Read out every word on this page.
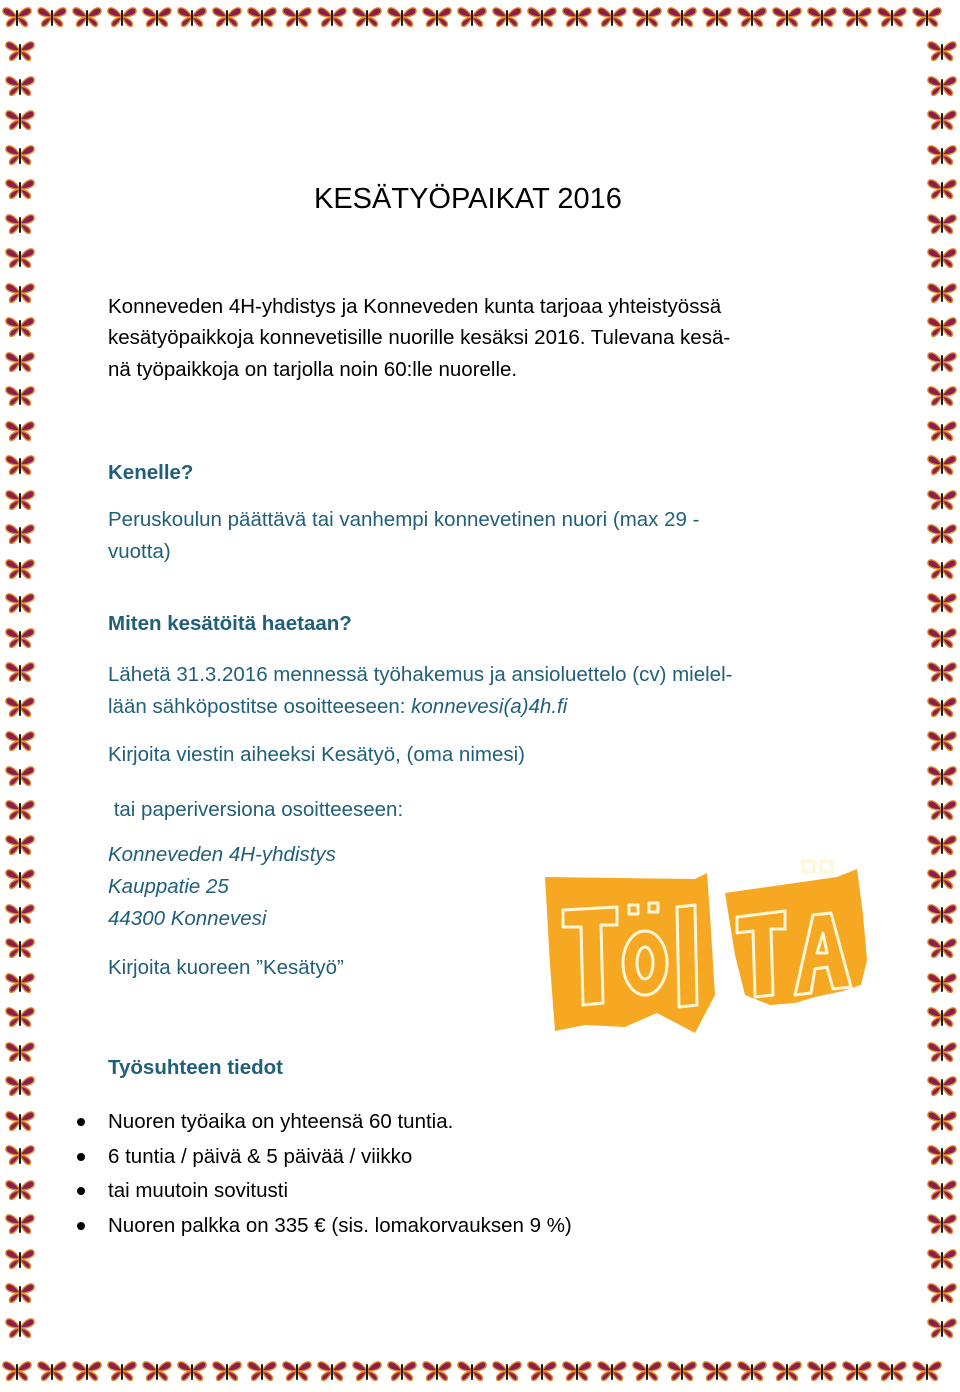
KESÄTYÖPAIKAT 2016

Konneveden 4H-yhdistys ja Konneveden kunta tarjoaa yhteistyössä

kesätyöpaikkoja konnevetisille nuorille kesäksi 2016. Tulevana kesä-

nä työpaikkoja on tarjolla noin 60:lle nuorelle.

Kenelle?

Peruskoulun päättävä tai vanhempi konnevetinen nuori (max 29 -

vuotta)

Miten kesätöitä haetaan?

Lähetä 31.3.2016 mennessä työhakemus ja ansioluettelo (cv) mielel-

lään sähköpostitse osoitteeseen: konnevesi(a)4h.fi

Kirjoita viestin aiheeksi Kesätyö, (oma nimesi)

tai paperiversiona osoitteeseen:

Konneveden 4H-yhdistys

Kauppatie 25

44300 Konnevesi

Kirjoita kuoreen ”Kesätyö”

Työsuhteen tiedot

Nuoren työaika on yhteensä 60 tuntia.
6 tuntia / päivä & 5 päivää / viikko
tai muutoin sovitusti
Nuoren palkka on 335 € (sis. lomakorvauksen 9 %)
